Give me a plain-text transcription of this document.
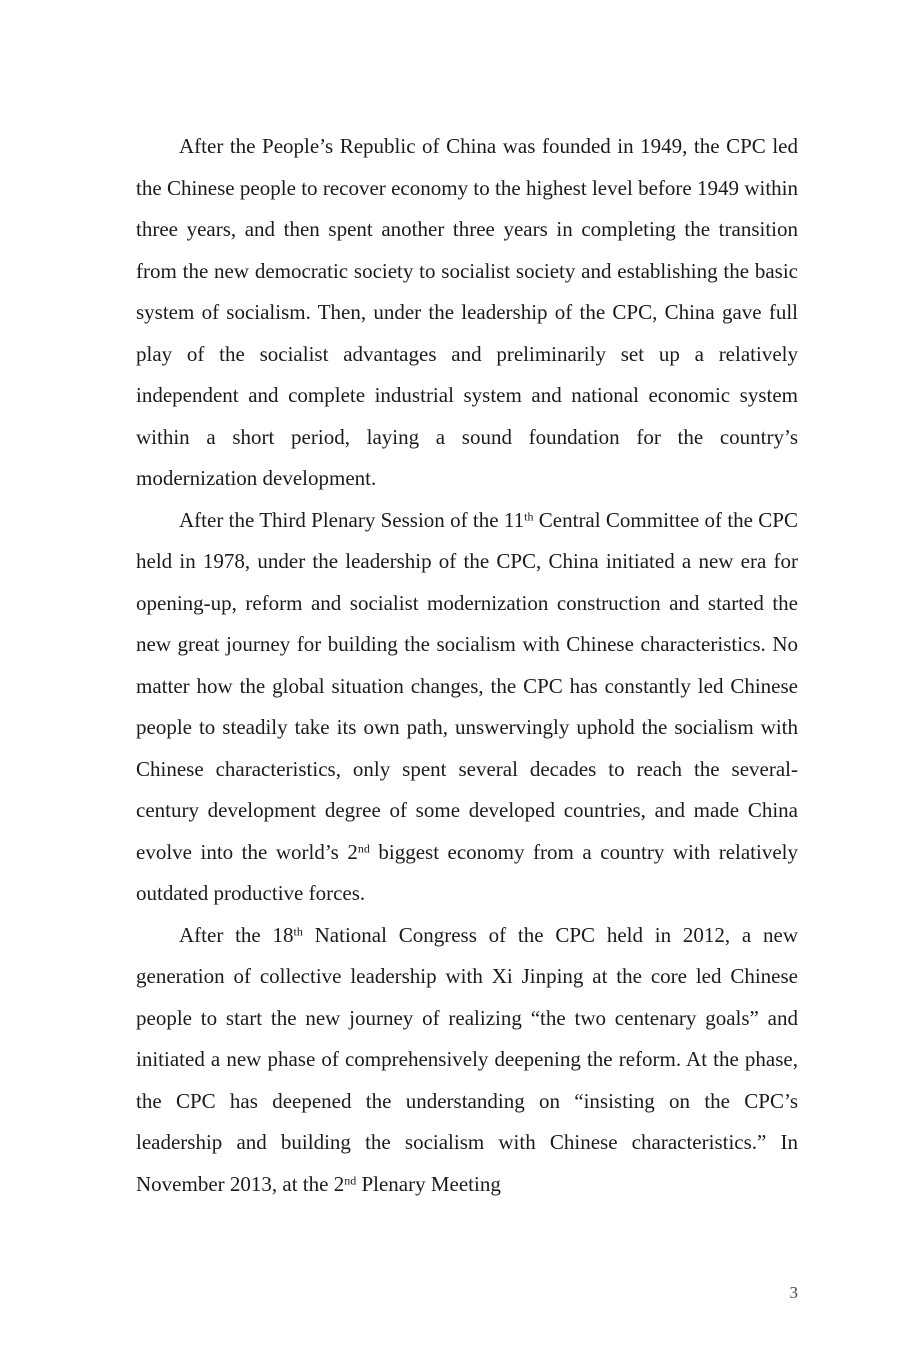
After the People’s Republic of China was founded in 1949, the CPC led the Chinese people to recover economy to the highest level before 1949 within three years, and then spent another three years in completing the transition from the new democratic society to socialist society and establishing the basic system of socialism. Then, under the leadership of the CPC, China gave full play of the socialist advantages and preliminarily set up a relatively independent and complete industrial system and national economic system within a short period, laying a sound foundation for the country’s modernization development.

After the Third Plenary Session of the 11th Central Committee of the CPC held in 1978, under the leadership of the CPC, China initiated a new era for opening-up, reform and socialist modernization construction and started the new great journey for building the socialism with Chinese characteristics. No matter how the global situation changes, the CPC has constantly led Chinese people to steadily take its own path, unswervingly uphold the socialism with Chinese characteristics, only spent several decades to reach the several-century development degree of some developed countries, and made China evolve into the world’s 2nd biggest economy from a country with relatively outdated productive forces.

After the 18th National Congress of the CPC held in 2012, a new generation of collective leadership with Xi Jinping at the core led Chinese people to start the new journey of realizing “the two centenary goals” and initiated a new phase of comprehensively deepening the reform. At the phase, the CPC has deepened the understanding on “insisting on the CPC’s leadership and building the socialism with Chinese characteristics.” In November 2013, at the 2nd Plenary Meeting

3
